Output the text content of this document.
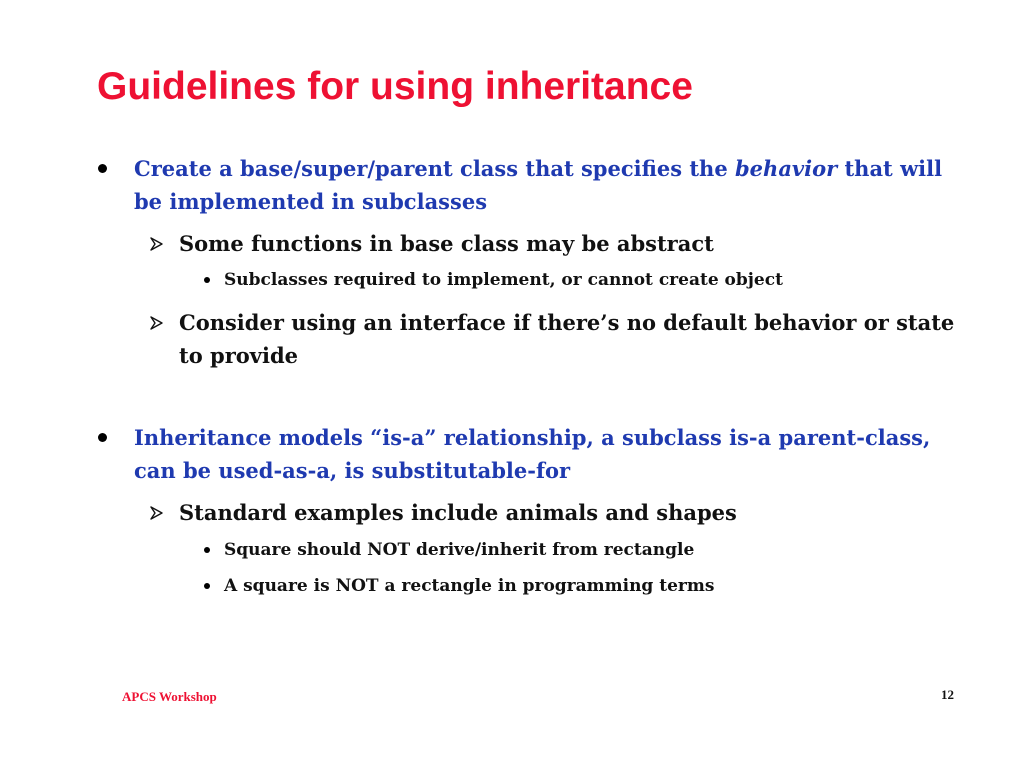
Guidelines for using inheritance
Create a base/super/parent class that specifies the behavior that will be implemented in subclasses
Some functions in base class may be abstract
Subclasses required to implement, or cannot create object
Consider using an interface if there’s no default behavior or state to provide
Inheritance models “is-a” relationship, a subclass is-a parent-class, can be used-as-a, is substitutable-for
Standard examples include animals and shapes
Square should NOT derive/inherit from rectangle
A square is NOT a rectangle in programming terms
APCS Workshop	12
